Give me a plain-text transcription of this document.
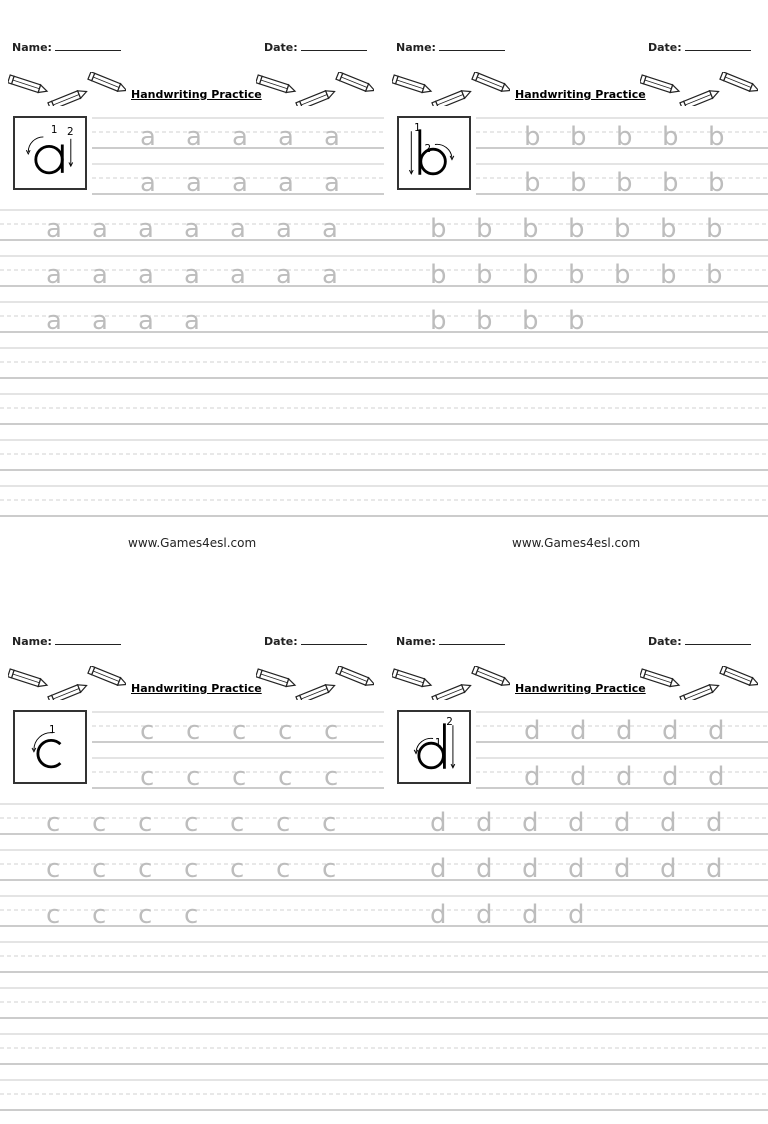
Name:	Date:
Handwriting Practice
1 2	a a a a a
a a a a a
a a a a a a a
a a a a a a a
a a a a
www.Games4esl.com
Name:	Date:
Handwriting Practice
1
2	b b b b b
b b b b b
b b b b b b b
b b b b b b b
b b b b
www.Games4esl.com
Name:	Date:
Handwriting Practice
1	c c c c c
c c c c c
c c c c c c c
c c c c c c c
c c c c
Name:	Date:
Handwriting Practice
1
2	d d d d d
d d d d d
d d d d d d d
d d d d d d d
d d d d
